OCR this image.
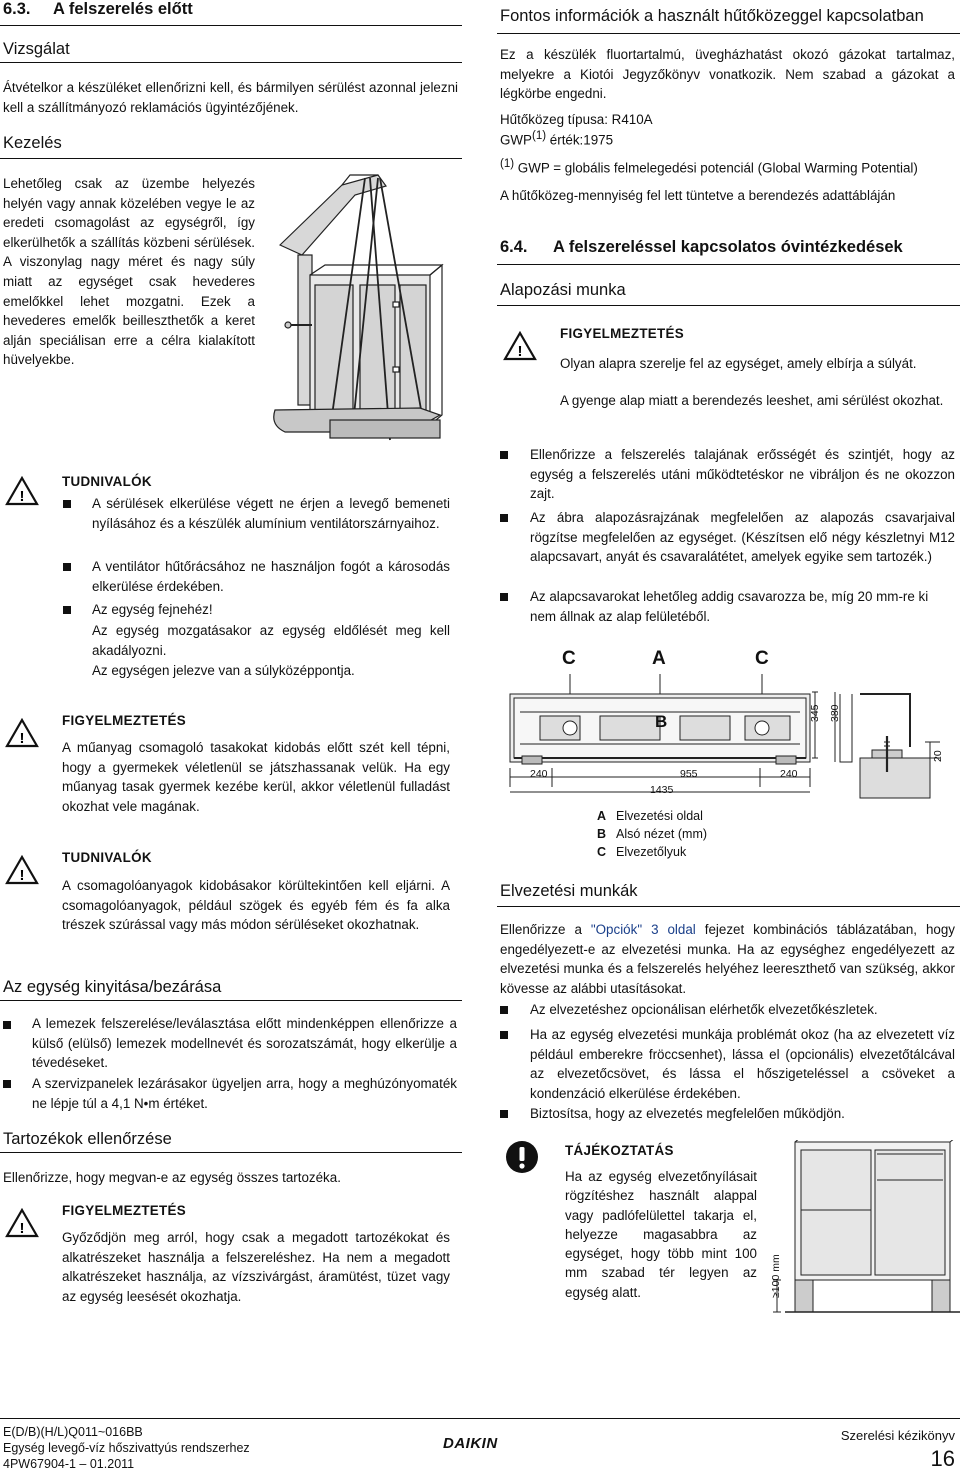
6.3. A felszerelés előtt
Vizsgálat
Átvételkor a készüléket ellenőrizni kell, és bármilyen sérülést azonnal jelezni kell a szállítmányozó reklamációs ügyintézőjének.
Kezelés
Lehetőleg csak az üzembe helyezés helyén vagy annak közelében vegye le az eredeti csomagolást az egységről, így elkerülhetők a szállítás közbeni sérülések. A viszonylag nagy méret és nagy súly miatt az egységet csak hevederes emelőkkel lehet mozgatni. Ezek a hevederes emelők beilleszthetők a keret alján speciálisan erre a célra kialakított hüvelyekbe.
!
TUDNIVALÓK
A sérülések elkerülése végett ne érjen a levegő bemeneti nyílásához és a készülék alumínium ventilátorszárnyaihoz.
A ventilátor hűtőrácsához ne használjon fogót a károsodás elkerülése érdekében.
Az egység fejnehéz!
Az egység mozgatásakor az egység eldőlését meg kell akadályozni.
Az egységen jelezve van a súlyközéppontja.
!
FIGYELMEZTETÉS
A műanyag csomagoló tasakokat kidobás előtt szét kell tépni, hogy a gyermekek véletlenül se játszhassanak velük. Ha egy műanyag tasak gyermek kezébe kerül, akkor véletlenül fulladást okozhat vele magának.
!
TUDNIVALÓK
A csomagolóanyagok kidobásakor körültekintően kell eljárni. A csomagolóanyagok, például szögek és egyéb fém és fa alka trészek szúrással vagy más módon sérüléseket okozhatnak.
Az egység kinyitása/bezárása
A lemezek felszerelése/leválasztása előtt mindenképpen ellenőrizze a külső (elülső) lemezek modellnevét és sorozatszámát, hogy elkerülje a tévedéseket.
A szervizpanelek lezárásakor ügyeljen arra, hogy a meghúzónyomaték ne lépje túl a 4,1 N•m értéket.
Tartozékok ellenőrzése
Ellenőrizze, hogy megvan-e az egység összes tartozéka.
!
FIGYELMEZTETÉS
Győződjön meg arról, hogy csak a megadott tartozékokat és alkatrészeket használja a felszereléshez. Ha nem a megadott alkatrészeket használja, az vízszivárgást, áramütést, tüzet vagy az egység leesését okozhatja.
Fontos információk a használt hűtőközeggel kapcsolatban
Ez a készülék fluortartalmú, üvegházhatást okozó gázokat tartalmaz, melyekre a Kiotói Jegyzőkönyv vonatkozik. Nem szabad a gázokat a légkörbe engedni.
Hűtőközeg típusa: R410A
GWP$^{(1)}$ érték:1975
$^{(1)}$ GWP = globális felmelegedési potenciál (Global Warming Potential)
A hűtőközeg-mennyiség fel lett tüntetve a berendezés adattábláján
6.4. A felszereléssel kapcsolatos óvintézkedések
Alapozási munka
!
FIGYELMEZTETÉS
Olyan alapra szerelje fel az egységet, amely elbírja a súlyát.
A gyenge alap miatt a berendezés leeshet, ami sérülést okozhat.
Ellenőrizze a felszerelés talajának erősségét és szintjét, hogy az egység a felszerelés utáni működtetéskor ne vibráljon és ne okozzon zajt.
Az ábra alapozásrajzának megfelelően az alapozás csavarjaival rögzítse megfelelően az egységet. (Készítsen elő négy készletnyi M12 alapcsavart, anyát és csavaralátétet, amelyek egyike sem tartozék.)
Az alapcsavarokat lehetőleg addig csavarozza be, míg 20 mm-re ki nem állnak az alap felületéből.
C	A	C
240	955	240
1435
B	345 380
20
A Elvezetési oldal
B Alsó nézet (mm)
C Elvezetőlyuk
Elvezetési munkák
Ellenőrizze a "Opciók" 3 oldal fejezet kombinációs táblázatában, hogy engedélyezett-e az elvezetési munka. Ha az egységhez engedélyezett az elvezetési munka és a felszerelés helyéhez leereszthető van szükség, akkor kövesse az alábbi utasításokat.
Az elvezetéshez opcionálisan elérhetők elvezetőkészletek.
Ha az egység elvezetési munkája problémát okoz (ha az elvezetett víz például emberekre fröccsenhet), lássa el (opcionális) elvezetőtálcával az elvezetőcsövet, és lássa el hőszigeteléssel a csöveket a kondenzáció elkerülése érdekében.
Biztosítsa, hogy az elvezetés megfelelően működjön.
TÁJÉKOZTATÁS
Ha az egység elvezetőnyílásait rögzítéshez használt alappal vagy padlófelülettel takarja el, helyezze magasabbra az egységet, hogy több mint 100 mm szabad tér legyen az egység alatt.	≥100 mm
E(D/B)(H/L)Q011~016BB
Egység levegő-víz hőszivattyús rendszerhez
4PW67904-1 – 01.2011
DAIKIN	Szerelési kézikönyv
16
